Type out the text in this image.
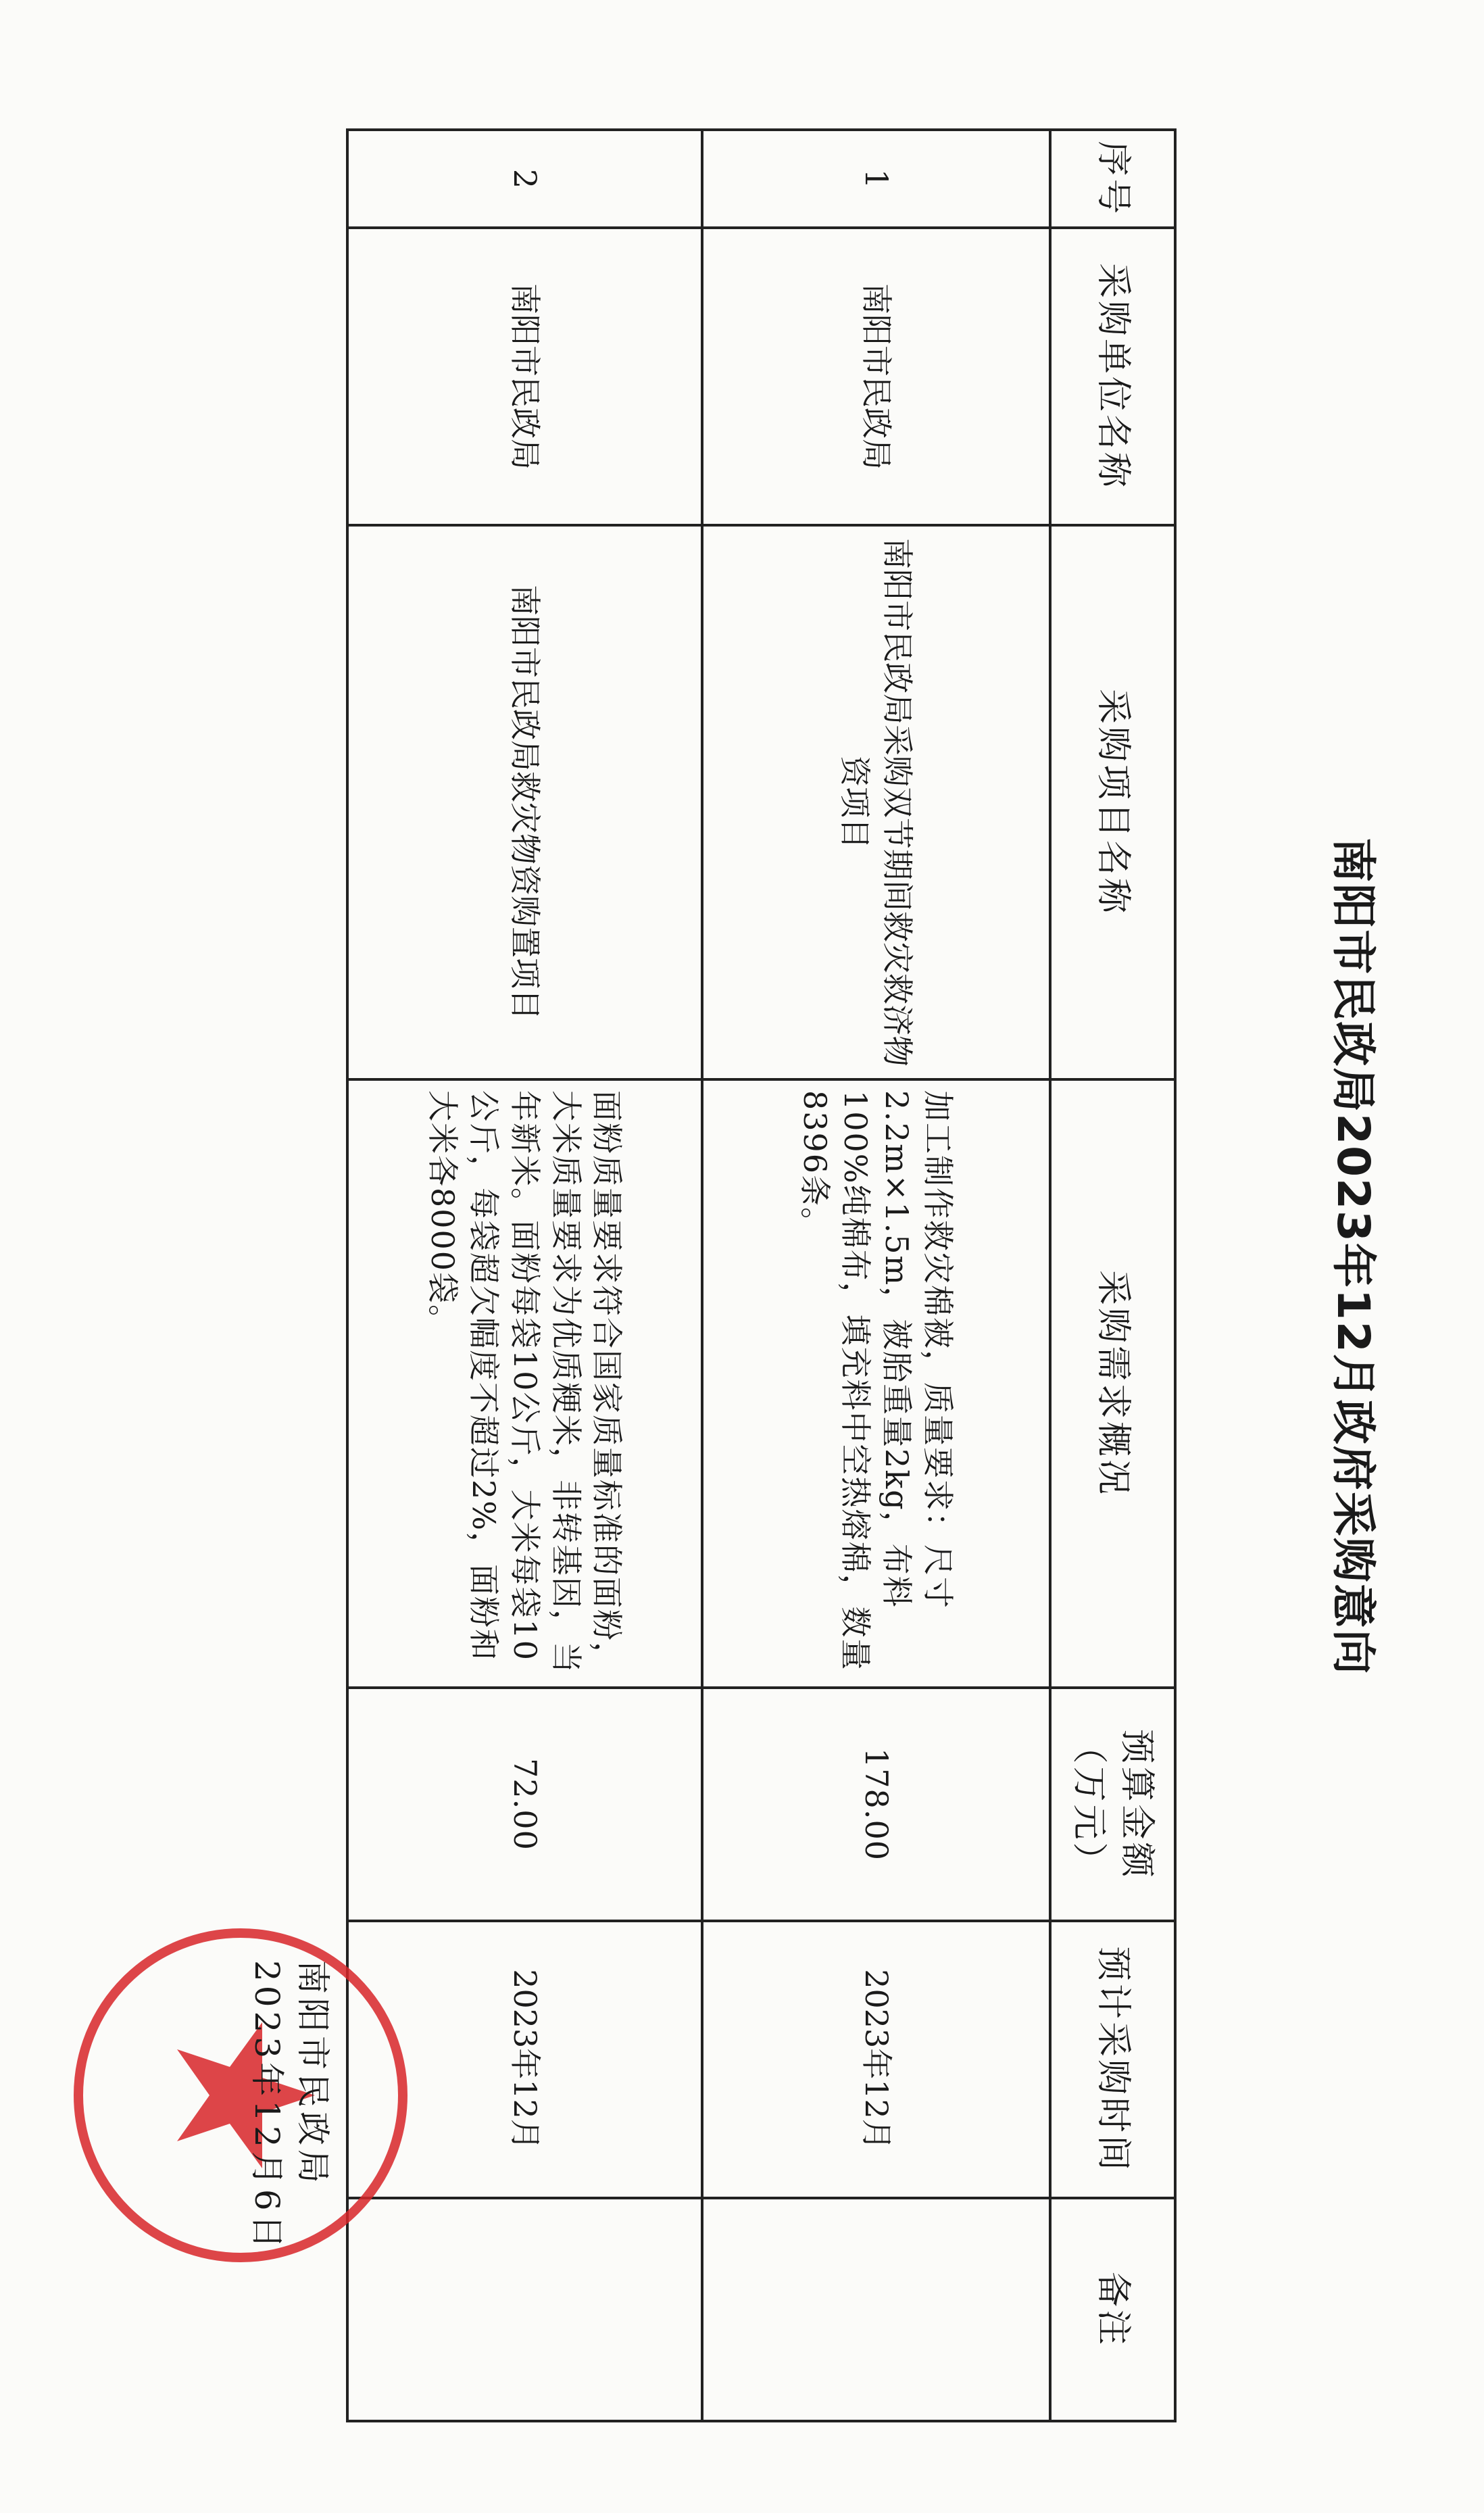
南阳市民政局2023年12月政府采购意向
序号	采购单位名称	采购项目名称	采购需求概况	预算金额（万元）	预计采购时间	备注
1	南阳市民政局	南阳市民政局采购双节期间救灾救济物资项目	加工制作救灾棉被，质量要求：尺寸2.2m×1.5m，被胎重量2kg，布料100%纯棉布，填充料中空热熔棉，数量8396条。	178.00	2023年12月	
2	南阳市民政局	南阳市民政局救灾物资购置项目	面粉质量要求符合国家质量标准的面粉，大米质量要求为优质粳米，非转基因，当年新米。面粉每袋10公斤，大米每袋10公斤，每袋超欠幅度不超过2%，面粉和大米各8000袋。	72.00	2023年12月	
南阳市民政局
2023年12月6日
